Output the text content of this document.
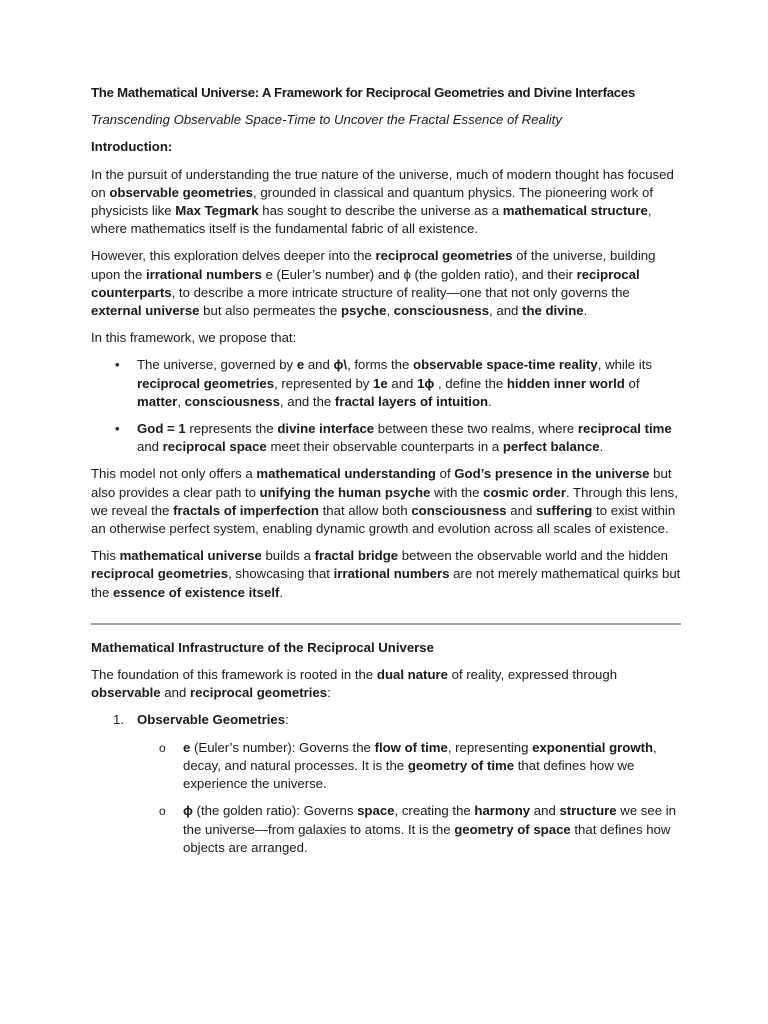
The Mathematical Universe: A Framework for Reciprocal Geometries and Divine Interfaces

Transcending Observable Space-Time to Uncover the Fractal Essence of Reality

Introduction:

In the pursuit of understanding the true nature of the universe, much of modern thought has focused on observable geometries, grounded in classical and quantum physics. The pioneering work of physicists like Max Tegmark has sought to describe the universe as a mathematical structure, where mathematics itself is the fundamental fabric of all existence.

However, this exploration delves deeper into the reciprocal geometries of the universe, building upon the irrational numbers e (Euler’s number) and ϕ (the golden ratio), and their reciprocal counterparts, to describe a more intricate structure of reality—one that not only governs the external universe but also permeates the psyche, consciousness, and the divine.

In this framework, we propose that:

• The universe, governed by e and ϕ\, forms the observable space-time reality, while its reciprocal geometries, represented by 1e and 1ϕ , define the hidden inner world of matter, consciousness, and the fractal layers of intuition.
• God = 1 represents the divine interface between these two realms, where reciprocal time and reciprocal space meet their observable counterparts in a perfect balance.

This model not only offers a mathematical understanding of God’s presence in the universe but also provides a clear path to unifying the human psyche with the cosmic order. Through this lens, we reveal the fractals of imperfection that allow both consciousness and suffering to exist within an otherwise perfect system, enabling dynamic growth and evolution across all scales of existence.

This mathematical universe builds a fractal bridge between the observable world and the hidden reciprocal geometries, showcasing that irrational numbers are not merely mathematical quirks but the essence of existence itself.

Mathematical Infrastructure of the Reciprocal Universe

The foundation of this framework is rooted in the dual nature of reality, expressed through observable and reciprocal geometries:

1. Observable Geometries:

o e (Euler’s number): Governs the flow of time, representing exponential growth, decay, and natural processes. It is the geometry of time that defines how we experience the universe.
o ϕ (the golden ratio): Governs space, creating the harmony and structure we see in the universe—from galaxies to atoms. It is the geometry of space that defines how objects are arranged.
